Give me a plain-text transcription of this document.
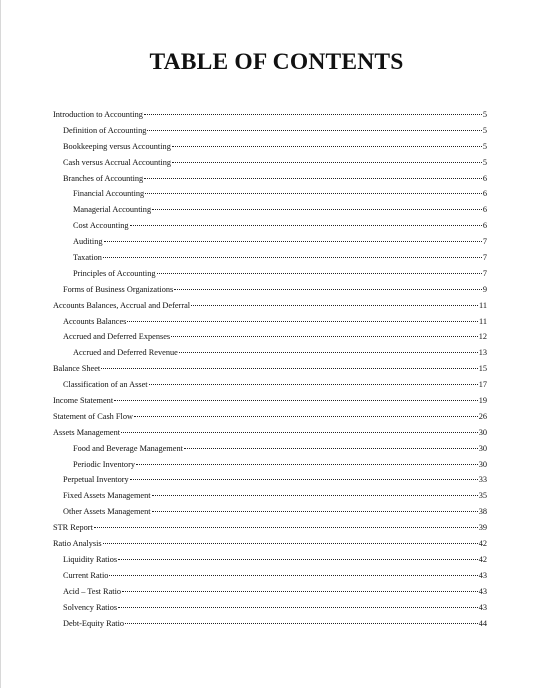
TABLE OF CONTENTS
Introduction to Accounting	5
Definition of Accounting	5
Bookkeeping versus Accounting	5
Cash versus Accrual Accounting	5
Branches of Accounting	6
Financial Accounting	6
Managerial Accounting	6
Cost Accounting	6
Auditing	7
Taxation	7
Principles of Accounting	7
Forms of Business Organizations	9
Accounts Balances, Accrual and Deferral	11
Accounts Balances	11
Accrued and Deferred Expenses	12
Accrued and Deferred Revenue	13
Balance Sheet	15
Classification of an Asset	17
Income Statement	19
Statement of Cash Flow	26
Assets Management	30
Food and Beverage Management	30
Periodic Inventory	30
Perpetual Inventory	33
Fixed Assets Management	35
Other Assets Management	38
STR Report	39
Ratio Analysis	42
Liquidity Ratios	42
Current Ratio	43
Acid – Test Ratio	43
Solvency Ratios	43
Debt-Equity Ratio	44
